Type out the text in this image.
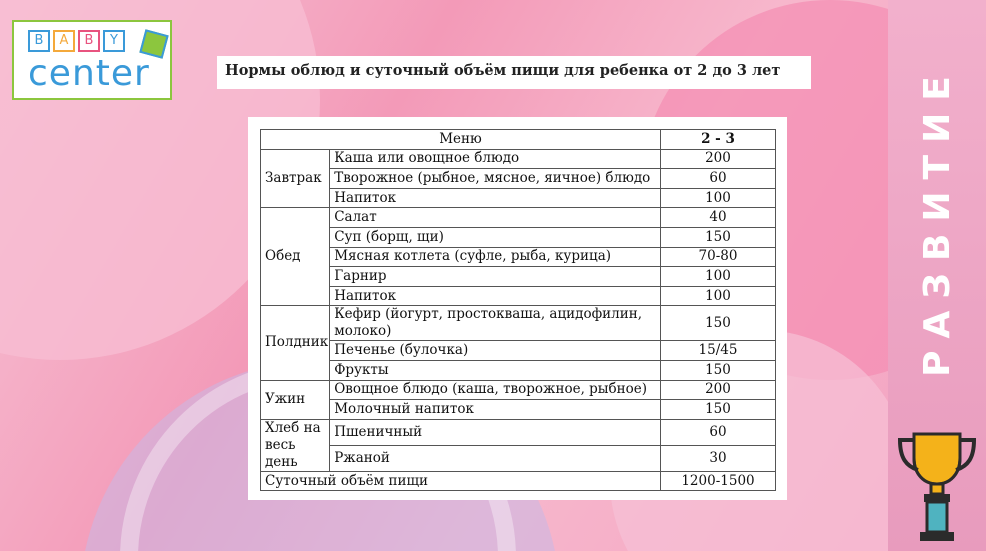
РАЗВИТИЕ
B	A	B	Y
center	Нормы облюд и суточный объём пищи для ребенка от 2 до 3 лет
Меню		2 - 3
Завтрак	Каша или овощное блюдо	200
	Творожное (рыбное, мясное, яичное) блюдо	60
	Напиток	100
Обед	Салат	40
	Суп (борщ, щи)	150
	Мясная котлета (суфле, рыба, курица)	70-80
	Гарнир	100
	Напиток	100
Полдник	Кефир (йогурт, простокваша, ацидофилин, молоко)	150
	Печенье (булочка)	15/45
	Фрукты	150
Ужин	Овощное блюдо (каша, творожное, рыбное)	200
	Молочный напиток	150
Хлеб на весь день	Пшеничный	60
	Ржаной	30
Суточный объём пищи		1200-1500
